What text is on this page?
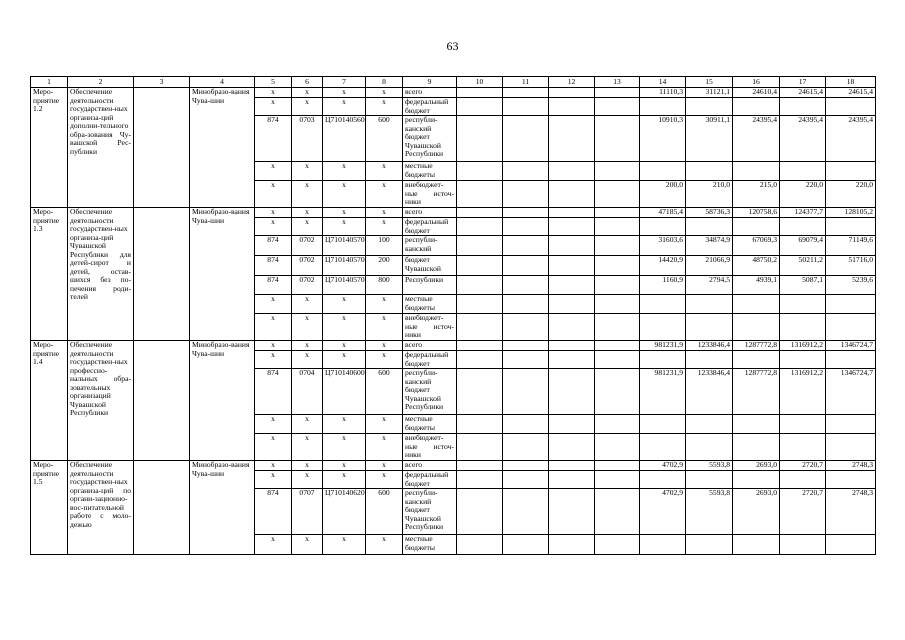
63
1	2	3	4	5	6	7	8	9	10	11	12	13	14	15	16	17	18
Меро-приятие 1.2	Обеспечение деятельности государствен-ных организа-ций дополни-тельного обра-зования Чу-вашской Рес-публики		Минобразо-вания Чува-шии	x	x	x	x	всего					11110,3	31121,1	24610,4	24615,4	24615,4
				x	x	x	x	федеральный бюджет									
				874	0703	Ц710140560	600	республи-канский бюджет Чувашской Республики					10910,3	30911,1	24395,4	24395,4	24395,4
				x	x	x	x	местные бюджеты									
				x	x	x	x	внебюджет-ные источ-ники					200,0	210,0	215,0	220,0	220,0
Меро-приятие 1.3	Обеспечение деятельности государствен-ных организа-ций Чувашской Республики для детей-сирот и детей, остав-шихся без по-печения роди-телей		Минобразо-вания Чува-шии	x	x	x	x	всего					47185,4	58736,3	120758,6	124377,7	128105,2
				x	x	x	x	федеральный бюджет									
				874	0702	Ц710140570	100	республи-канский					31603,6	34874,9	67069,3	69079,4	71149,6
				874	0702	Ц710140570	200	бюджет Чувашской					14420,9	21066,9	48750,2	50211,2	51716,0
				874	0702	Ц710140570	800	Республики					1160,9	2794,5	4939,1	5087,1	5239,6
				x	x	x	x	местные бюджеты									
				x	x	x	x	внебюджет-ные источ-ники									
Меро-приятие 1.4	Обеспечение деятельности государствен-ных профессио-нальных обра-зовательных организаций Чувашской Республики		Минобразо-вания Чува-шии	x	x	x	x	всего					981231,9	1233846,4	1287772,8	1316912,2	1346724,7
				x	x	x	x	федеральный бюджет									
				874	0704	Ц710140600	600	республи-канский бюджет Чувашской Республики					981231,9	1233846,4	1287772,8	1316912,2	1346724,7
				x	x	x	x	местные бюджеты									
				x	x	x	x	внебюджет-ные источ-ники									
Меро-приятие 1.5	Обеспечение деятельности государствен-ных организа-ций по органи-зационно-вос-питательной работе с моло-дежью		Минобразо-вания Чува-шии	x	x	x	x	всего					4702,9	5593,8	2693,0	2720,7	2748,3
				x	x	x	x	федеральный бюджет									
				874	0707	Ц710140620	600	республи-канский бюджет Чувашской Республики					4702,9	5593,8	2693,0	2720,7	2748,3
				x	x	x	x	местные бюджеты									
